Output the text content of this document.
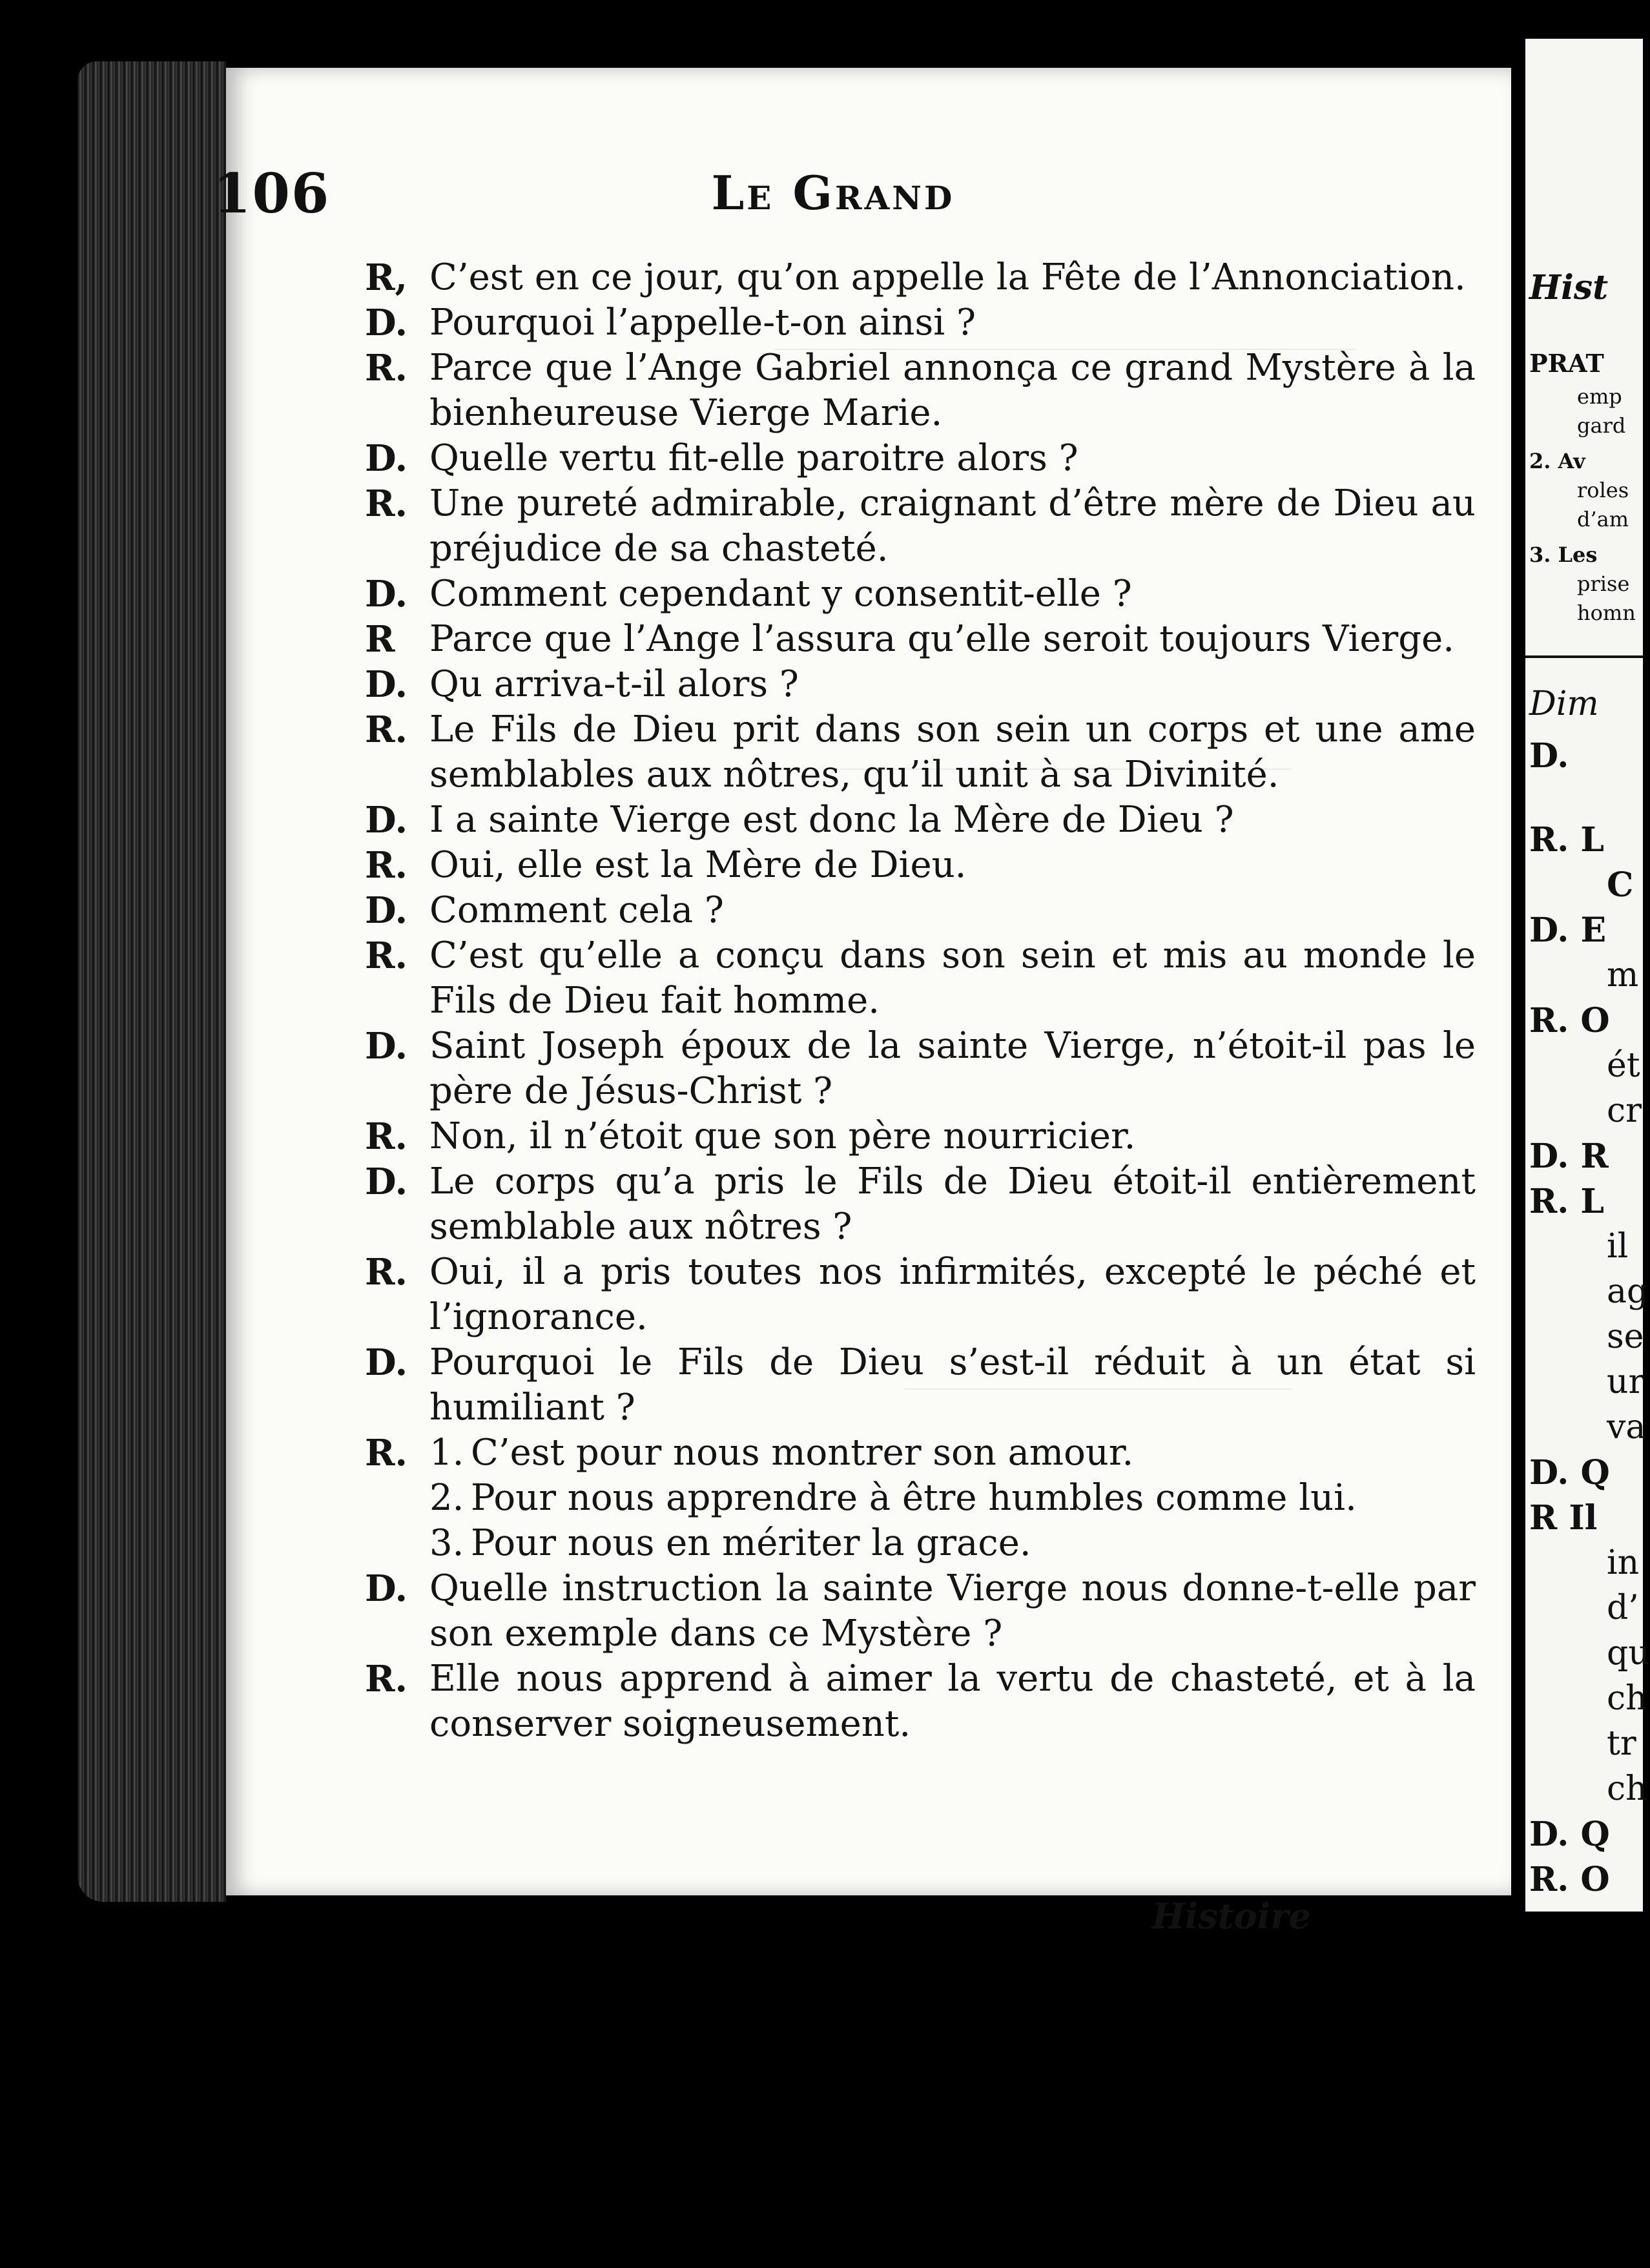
Hist
PRAT
emp
gard
2. Av
roles
d’am
3. Les
prise
homn
Dim
D.
R. L
C
D. E
m
R. O
ét
cr
D. R
R. L
il
ag
se
ur
va
D. Q
R Il
in
d’
qu
ch
tr
ch
D. Q
R. O
106	Le Grand
R, C’est en ce jour, qu’on appelle la Fête de l’Annonciation.
D. Pourquoi l’appelle-t-on ainsi ?
R. Parce que l’Ange Gabriel annonça ce grand Mystère à la bienheureuse Vierge Marie.
D. Quelle vertu fit-elle paroitre alors ?
R. Une pureté admirable, craignant d’être mère de Dieu au préjudice de sa chasteté.
D. Comment cependant y consentit-elle ?
R Parce que l’Ange l’assura qu’elle seroit toujours Vierge.
D. Qu arriva-t-il alors ?
R. Le Fils de Dieu prit dans son sein un corps et une ame semblables aux nôtres, qu’il unit à sa Divinité.
D. I a sainte Vierge est donc la Mère de Dieu ?
R. Oui, elle est la Mère de Dieu.
D. Comment cela ?
R. C’est qu’elle a conçu dans son sein et mis au monde le Fils de Dieu fait homme.
D. Saint Joseph époux de la sainte Vierge, n’étoit-il pas le père de Jésus-Christ ?
R. Non, il n’étoit que son père nourricier.
D. Le corps qu’a pris le Fils de Dieu étoit-il entièrement semblable aux nôtres ?
R. Oui, il a pris toutes nos infirmités, excepté le péché et l’ignorance.
D. Pourquoi le Fils de Dieu s’est-il réduit à un état si humiliant ?
R. 1. C’est pour nous montrer son amour.
2. Pour nous apprendre à être humbles comme lui.
3. Pour nous en mériter la grace.
D. Quelle instruction la sainte Vierge nous donne-t-elle par son exemple dans ce Mystère ?
R. Elle nous apprend à aimer la vertu de chasteté, et à la conserver soigneusement.
Histoire
